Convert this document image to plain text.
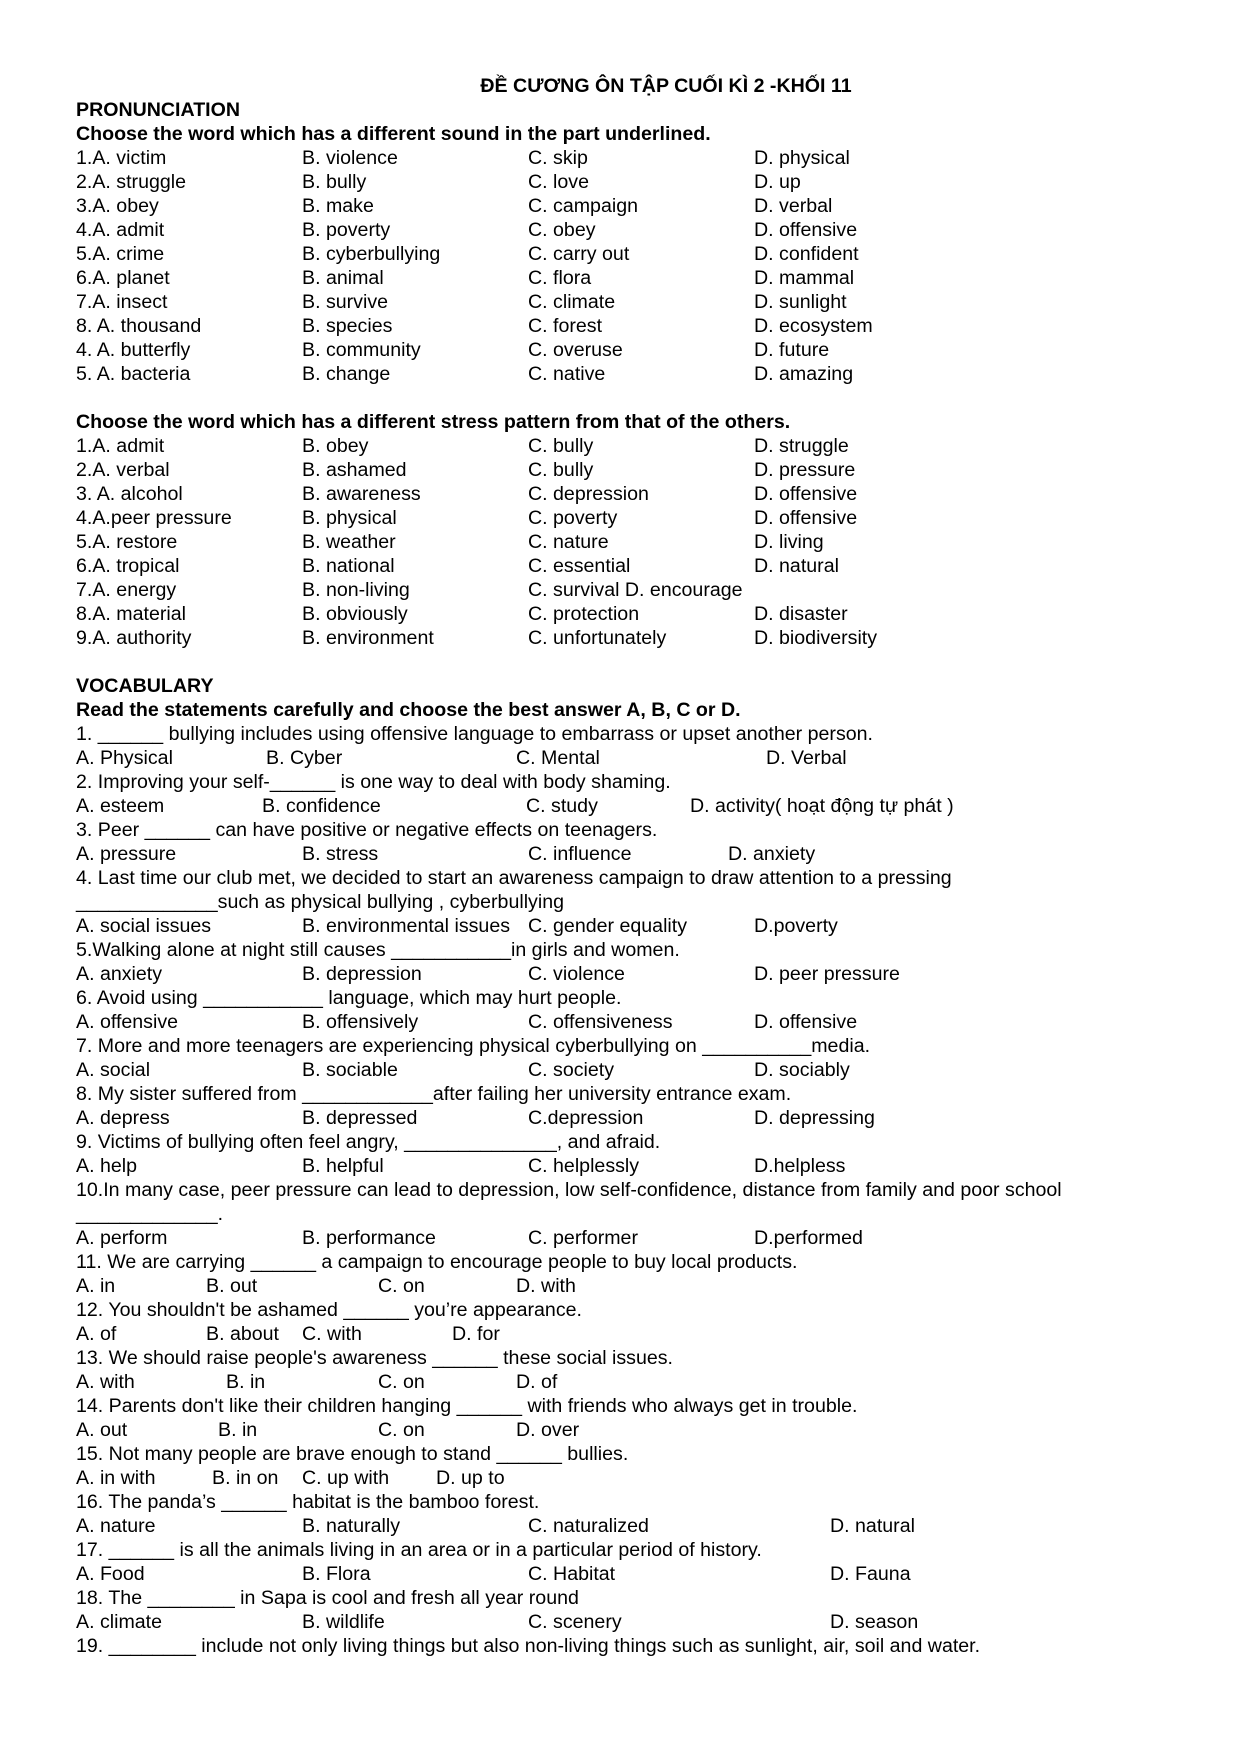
ĐỀ CƯƠNG ÔN TẬP CUỐI KÌ 2 -KHỐI 11
PRONUNCIATION
Choose the word which has a different sound in the part underlined.
1.A. victim	B. violence	C. skip	D. physical
2.A. struggle	B. bully	C. love	D. up
3.A. obey	B. make	C. campaign	D. verbal
4.A. admit	B. poverty	C. obey	D. offensive
5.A. crime	B. cyberbullying	C. carry out	D. confident
6.A. planet	B. animal	C. flora	D. mammal
7.A. insect	B. survive	C. climate	D. sunlight
8. A. thousand	B. species	C. forest	D. ecosystem
4. A. butterfly	B. community	C. overuse	D. future
5. A. bacteria	B. change	C. native	D. amazing
Choose the word which has a different stress pattern from that of the others.
1.A. admit	B. obey	C. bully	D. struggle
2.A. verbal	B. ashamed	C. bully	D. pressure
3. A. alcohol	B. awareness	C. depression	D. offensive
4.A.peer pressure	B. physical	C. poverty	D. offensive
5.A. restore	B. weather	C. nature	D. living
6.A. tropical	B. national	C. essential	D. natural
7.A. energy	B. non-living	C. survival D. encourage
8.A. material	B. obviously	C. protection	D. disaster
9.A. authority	B. environment	C. unfortunately	D. biodiversity
VOCABULARY
Read the statements carefully and choose the best answer A, B, C or D.
1. ______ bullying includes using offensive language to embarrass or upset another person.
A. Physical	B. Cyber	C. Mental	D. Verbal
2. Improving your self-______ is one way to deal with body shaming.
A. esteem	B. confidence	C. study	D. activity( hoạt động tự phát )
3. Peer ______ can have positive or negative effects on teenagers.
A. pressure	B. stress	C. influence	D. anxiety
4. Last time our club met, we decided to start an awareness campaign to draw attention to a pressing
_____________such as physical bullying , cyberbullying
A. social issues	B. environmental issues C. gender equality	D.poverty
5.Walking alone at night still causes ___________in girls and women.
A. anxiety	B. depression	C. violence	D. peer pressure
6. Avoid using ___________ language, which may hurt people.
A. offensive	B. offensively	C. offensiveness	D. offensive
7. More and more teenagers are experiencing physical cyberbullying on __________media.
A. social	B. sociable	C. society	D. sociably
8. My sister suffered from ____________after failing her university entrance exam.
A. depress	B. depressed	C.depression	D. depressing
9. Victims of bullying often feel angry, ______________, and afraid.
A. help	B. helpful	C. helplessly	D.helpless
10.In many case, peer pressure can lead to depression, low self-confidence, distance from family and poor school
_____________.
A. perform	B. performance	C. performer	D.performed
11. We are carrying ______ a campaign to encourage people to buy local products.
A. in	B. out	C. on	D. with
12. You shouldn't be ashamed ______ you’re appearance.
A. of	B. about	C. with	D. for
13. We should raise people's awareness ______ these social issues.
A. with	B. in	C. on	D. of
14. Parents don't like their children hanging ______ with friends who always get in trouble.
A. out	B. in	C. on	D. over
15. Not many people are brave enough to stand ______ bullies.
A. in with	B. in on	C. up with	D. up to
16. The panda’s ______ habitat is the bamboo forest.
A. nature	B. naturally	C. naturalized	D. natural
17. ______ is all the animals living in an area or in a particular period of history.
A. Food	B. Flora	C. Habitat	D. Fauna
18. The ________ in Sapa is cool and fresh all year round
A. climate	B. wildlife	C. scenery	D. season
19. ________ include not only living things but also non-living things such as sunlight, air, soil and water.
